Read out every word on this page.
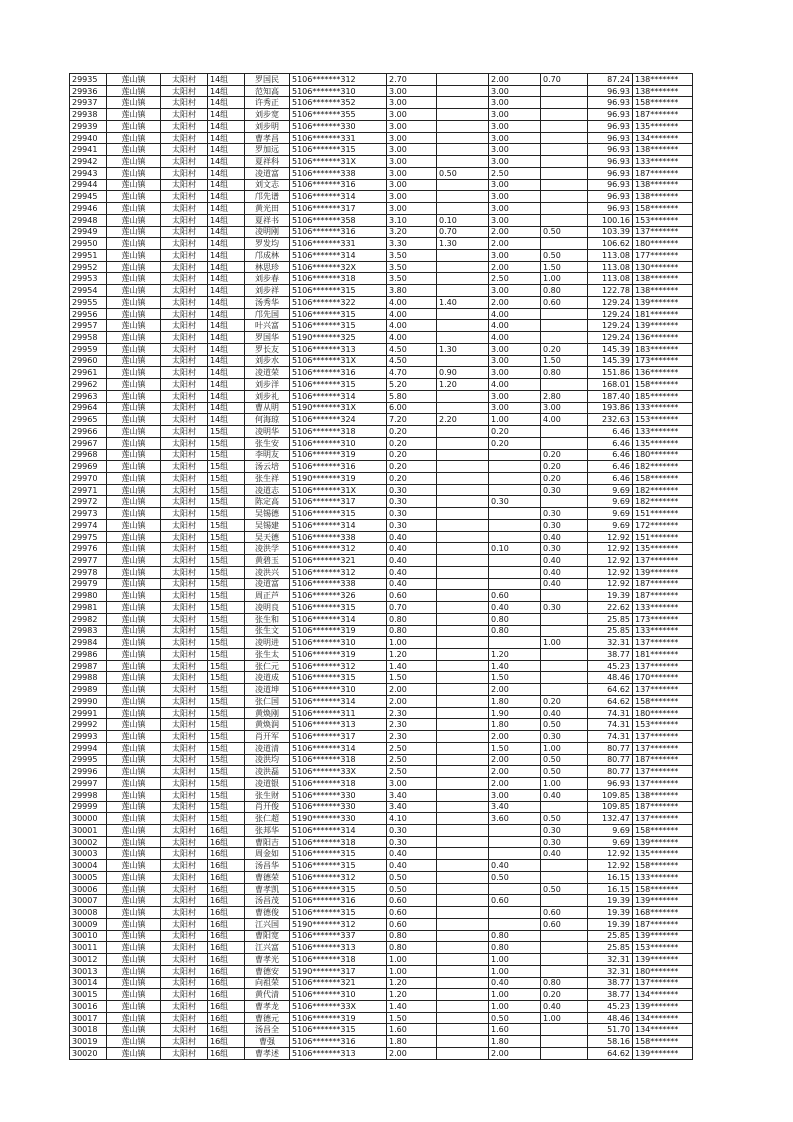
29935	莲山镇	太阳村	14组	罗国民	5106*******312	2.70		2.00	0.70	87.24	138*******
29936	莲山镇	太阳村	14组	范知高	5106*******310	3.00		3.00		96.93	138*******
29937	莲山镇	太阳村	14组	许秀正	5106*******352	3.00		3.00		96.93	158*******
29938	莲山镇	太阳村	14组	刘步宽	5106*******355	3.00		3.00		96.93	187*******
29939	莲山镇	太阳村	14组	刘步明	5106*******330	3.00		3.00		96.93	135*******
29940	莲山镇	太阳村	14组	曹孝昌	5106*******331	3.00		3.00		96.93	134*******
29941	莲山镇	太阳村	14组	罗加远	5106*******315	3.00		3.00		96.93	138*******
29942	莲山镇	太阳村	14组	夏祥科	5106*******31X	3.00		3.00		96.93	133*******
29943	莲山镇	太阳村	14组	凌道富	5106*******338	3.00	0.50	2.50		96.93	187*******
29944	莲山镇	太阳村	14组	刘文志	5106*******316	3.00		3.00		96.93	138*******
29945	莲山镇	太阳村	14组	邝先谱	5106*******314	3.00		3.00		96.93	138*******
29946	莲山镇	太阳村	14组	黄光田	5106*******317	3.00		3.00		96.93	158*******
29948	莲山镇	太阳村	14组	夏祥书	5106*******358	3.10	0.10	3.00		100.16	153*******
29949	莲山镇	太阳村	14组	凌明刚	5106*******316	3.20	0.70	2.00	0.50	103.39	137*******
29950	莲山镇	太阳村	14组	罗发均	5106*******331	3.30	1.30	2.00		106.62	180*******
29951	莲山镇	太阳村	14组	邝成林	5106*******314	3.50		3.00	0.50	113.08	177*******
29952	莲山镇	太阳村	14组	林思珍	5106*******32X	3.50		2.00	1.50	113.08	130*******
29953	莲山镇	太阳村	14组	刘步春	5106*******318	3.50		2.50	1.00	113.08	138*******
29954	莲山镇	太阳村	14组	刘步祥	5106*******315	3.80		3.00	0.80	122.78	138*******
29955	莲山镇	太阳村	14组	汤秀华	5106*******322	4.00	1.40	2.00	0.60	129.24	139*******
29956	莲山镇	太阳村	14组	邝先国	5106*******315	4.00		4.00		129.24	181*******
29957	莲山镇	太阳村	14组	叶兴富	5106*******315	4.00		4.00		129.24	139*******
29958	莲山镇	太阳村	14组	罗国华	5190*******325	4.00		4.00		129.24	136*******
29959	莲山镇	太阳村	14组	罗长友	5106*******313	4.50	1.30	3.00	0.20	145.39	183*******
29960	莲山镇	太阳村	14组	刘步水	5106*******31X	4.50		3.00	1.50	145.39	173*******
29961	莲山镇	太阳村	14组	凌道荣	5106*******316	4.70	0.90	3.00	0.80	151.86	136*******
29962	莲山镇	太阳村	14组	刘步洋	5106*******315	5.20	1.20	4.00		168.01	158*******
29963	莲山镇	太阳村	14组	刘步礼	5106*******314	5.80		3.00	2.80	187.40	185*******
29964	莲山镇	太阳村	14组	曹从明	5190*******31X	6.00		3.00	3.00	193.86	133*******
29965	莲山镇	太阳村	14组	何海琼	5106*******324	7.20	2.20	1.00	4.00	232.63	153*******
29966	莲山镇	太阳村	15组	凌明华	5106*******318	0.20		0.20		6.46	133*******
29967	莲山镇	太阳村	15组	张生安	5106*******310	0.20		0.20		6.46	135*******
29968	莲山镇	太阳村	15组	李明友	5106*******319	0.20			0.20	6.46	180*******
29969	莲山镇	太阳村	15组	汤云培	5106*******316	0.20			0.20	6.46	182*******
29970	莲山镇	太阳村	15组	张生祥	5190*******319	0.20			0.20	6.46	158*******
29971	莲山镇	太阳村	15组	凌道志	5106*******31X	0.30			0.30	9.69	182*******
29972	莲山镇	太阳村	15组	陈定高	5106*******317	0.30		0.30		9.69	182*******
29973	莲山镇	太阳村	15组	吴锡德	5106*******315	0.30			0.30	9.69	151*******
29974	莲山镇	太阳村	15组	吴锡建	5106*******314	0.30			0.30	9.69	172*******
29975	莲山镇	太阳村	15组	吴天德	5106*******338	0.40			0.40	12.92	151*******
29976	莲山镇	太阳村	15组	凌洪学	5106*******312	0.40		0.10	0.30	12.92	135*******
29977	莲山镇	太阳村	15组	黄碧玉	5106*******321	0.40			0.40	12.92	137*******
29978	莲山镇	太阳村	15组	凌洪兴	5106*******312	0.40			0.40	12.92	139*******
29979	莲山镇	太阳村	15组	凌道富	5106*******338	0.40			0.40	12.92	187*******
29980	莲山镇	太阳村	15组	周正芦	5106*******326	0.60		0.60		19.39	187*******
29981	莲山镇	太阳村	15组	凌明良	5106*******315	0.70		0.40	0.30	22.62	133*******
29982	莲山镇	太阳村	15组	张生和	5106*******314	0.80		0.80		25.85	173*******
29983	莲山镇	太阳村	15组	张生文	5106*******319	0.80		0.80		25.85	133*******
29984	莲山镇	太阳村	15组	凌明进	5106*******310	1.00			1.00	32.31	137*******
29986	莲山镇	太阳村	15组	张生太	5106*******319	1.20		1.20		38.77	181*******
29987	莲山镇	太阳村	15组	张仁元	5106*******312	1.40		1.40		45.23	137*******
29988	莲山镇	太阳村	15组	凌道成	5106*******315	1.50		1.50		48.46	170*******
29989	莲山镇	太阳村	15组	凌道坤	5106*******310	2.00		2.00		64.62	137*******
29990	莲山镇	太阳村	15组	张仁国	5106*******314	2.00		1.80	0.20	64.62	158*******
29991	莲山镇	太阳村	15组	黄焕刚	5106*******311	2.30		1.90	0.40	74.31	180*******
29992	莲山镇	太阳村	15组	黄焕润	5106*******313	2.30		1.80	0.50	74.31	153*******
29993	莲山镇	太阳村	15组	肖开军	5106*******317	2.30		2.00	0.30	74.31	137*******
29994	莲山镇	太阳村	15组	凌道清	5106*******314	2.50		1.50	1.00	80.77	137*******
29995	莲山镇	太阳村	15组	凌洪均	5106*******318	2.50		2.00	0.50	80.77	187*******
29996	莲山镇	太阳村	15组	凌洪磊	5106*******33X	2.50		2.00	0.50	80.77	137*******
29997	莲山镇	太阳村	15组	凌道银	5106*******318	3.00		2.00	1.00	96.93	137*******
29998	莲山镇	太阳村	15组	张生财	5106*******330	3.40		3.00	0.40	109.85	138*******
29999	莲山镇	太阳村	15组	肖开俊	5106*******330	3.40		3.40		109.85	187*******
30000	莲山镇	太阳村	15组	张仁超	5190*******330	4.10		3.60	0.50	132.47	137*******
30001	莲山镇	太阳村	16组	张邦华	5106*******314	0.30			0.30	9.69	158*******
30002	莲山镇	太阳村	16组	曹阳吉	5106*******318	0.30			0.30	9.69	139*******
30003	莲山镇	太阳村	16组	周金如	5106*******315	0.40			0.40	12.92	135*******
30004	莲山镇	太阳村	16组	汤昌华	5106*******315	0.40		0.40		12.92	158*******
30005	莲山镇	太阳村	16组	曹德荣	5106*******312	0.50		0.50		16.15	133*******
30006	莲山镇	太阳村	16组	曹孝凯	5106*******315	0.50			0.50	16.15	158*******
30007	莲山镇	太阳村	16组	汤昌茂	5106*******316	0.60		0.60		19.39	139*******
30008	莲山镇	太阳村	16组	曹德俊	5106*******315	0.60			0.60	19.39	168*******
30009	莲山镇	太阳村	16组	江兴国	5190*******312	0.60			0.60	19.39	187*******
30010	莲山镇	太阳村	16组	曹阳宽	5106*******337	0.80		0.80		25.85	139*******
30011	莲山镇	太阳村	16组	江兴富	5106*******313	0.80		0.80		25.85	153*******
30012	莲山镇	太阳村	16组	曹孝光	5106*******318	1.00		1.00		32.31	139*******
30013	莲山镇	太阳村	16组	曹德安	5190*******317	1.00		1.00		32.31	180*******
30014	莲山镇	太阳村	16组	向祖荣	5106*******321	1.20		0.40	0.80	38.77	137*******
30015	莲山镇	太阳村	16组	黄代清	5106*******310	1.20		1.00	0.20	38.77	134*******
30016	莲山镇	太阳村	16组	曹孝龙	5106*******33X	1.40		1.00	0.40	45.23	139*******
30017	莲山镇	太阳村	16组	曹德元	5106*******319	1.50		0.50	1.00	48.46	134*******
30018	莲山镇	太阳村	16组	汤昌全	5106*******315	1.60		1.60		51.70	134*******
30019	莲山镇	太阳村	16组	曹强	5106*******316	1.80		1.80		58.16	158*******
30020	莲山镇	太阳村	16组	曹孝述	5106*******313	2.00		2.00		64.62	139*******
